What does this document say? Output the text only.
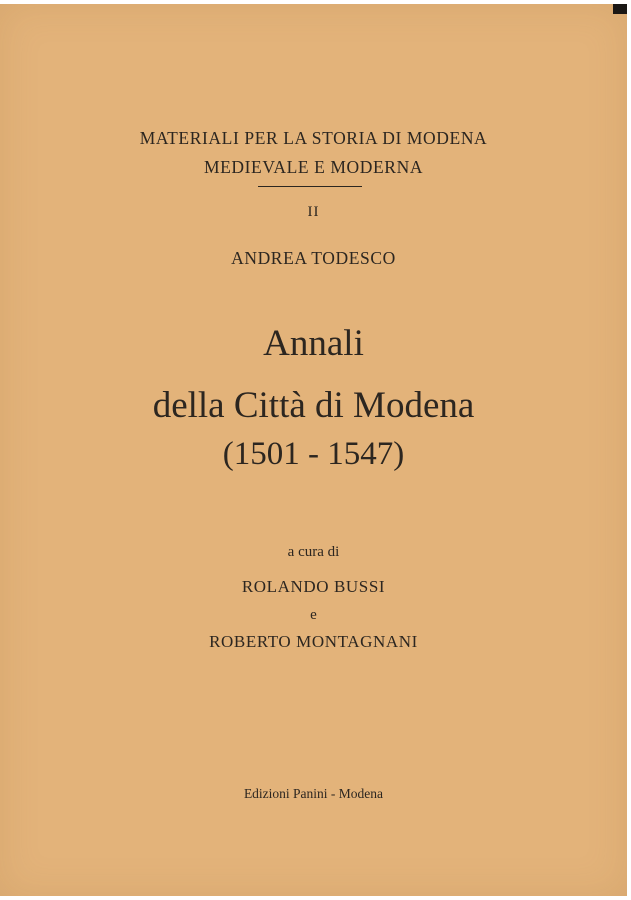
MATERIALI PER LA STORIA DI MODENA
MEDIEVALE E MODERNA
II
ANDREA TODESCO
Annali
della Città di Modena
(1501 - 1547)
a cura di
ROLANDO BUSSI
e
ROBERTO MONTAGNANI
Edizioni Panini - Modena
